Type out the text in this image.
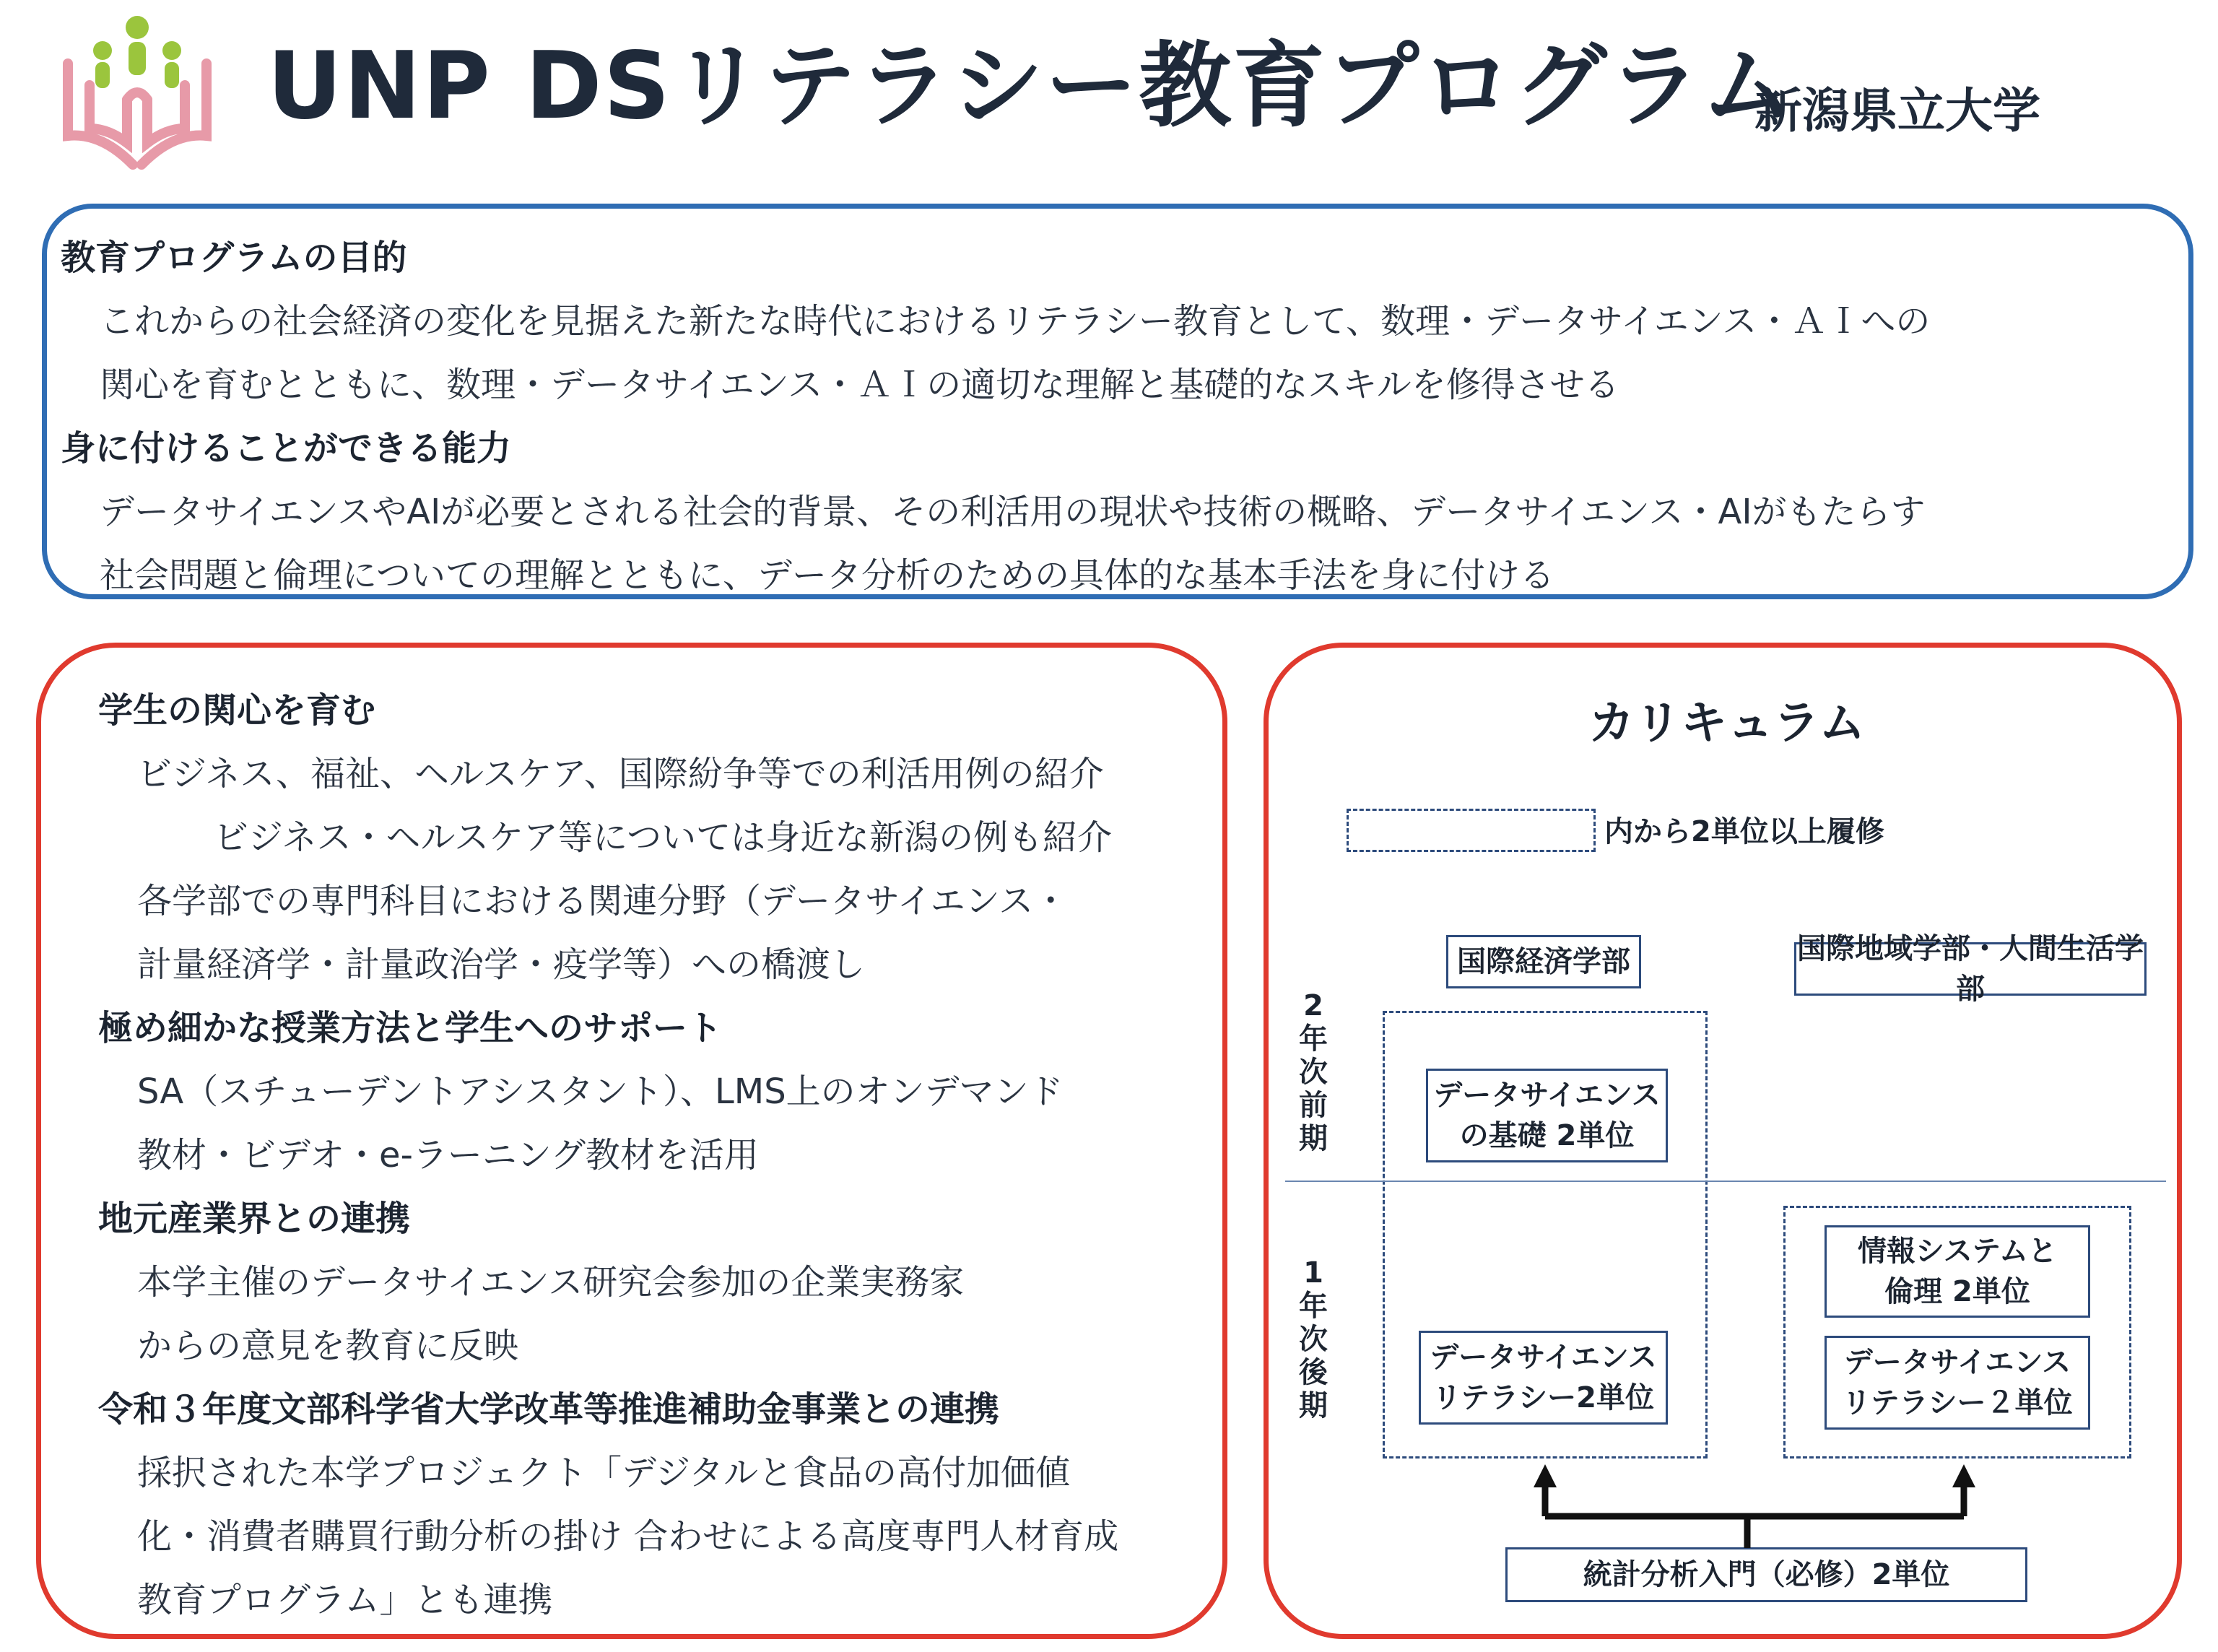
UNP DSリテラシー教育プログラム
新潟県立大学
教育プログラムの目的
これからの社会経済の変化を見据えた新たな時代におけるリテラシー教育として、数理・データサイエンス・ＡＩへの
関心を育むとともに、数理・データサイエンス・ＡＩの適切な理解と基礎的なスキルを修得させる
身に付けることができる能力
データサイエンスやAIが必要とされる社会的背景、その利活用の現状や技術の概略、データサイエンス・AIがもたらす
社会問題と倫理についての理解とともに、データ分析のための具体的な基本手法を身に付ける
学生の関心を育む
ビジネス、福祉、ヘルスケア、国際紛争等での利活用例の紹介
ビジネス・ヘルスケア等については身近な新潟の例も紹介
各学部での専門科目における関連分野（データサイエンス・
計量経済学・計量政治学・疫学等）への橋渡し
極め細かな授業方法と学生へのサポート
SA（スチューデントアシスタント）、LMS上のオンデマンド
教材・ビデオ・e-ラーニング教材を活用
地元産業界との連携
本学主催のデータサイエンス研究会参加の企業実務家
からの意見を教育に反映
令和３年度文部科学省大学改革等推進補助金事業との連携
採択された本学プロジェクト「デジタルと食品の高付加価値
化・消費者購買行動分析の掛け 合わせによる高度専門人材育成
教育プログラム」とも連携
カリキュラム
内から2単位以上履修
国際経済学部	国際地域学部・人間生活学部
2年次前期
1年次後期
データサイエンス
の基礎 2単位
データサイエンス
リテラシー2単位
情報システムと
倫理 2単位
データサイエンス
リテラシー２単位
統計分析入門（必修）2単位
